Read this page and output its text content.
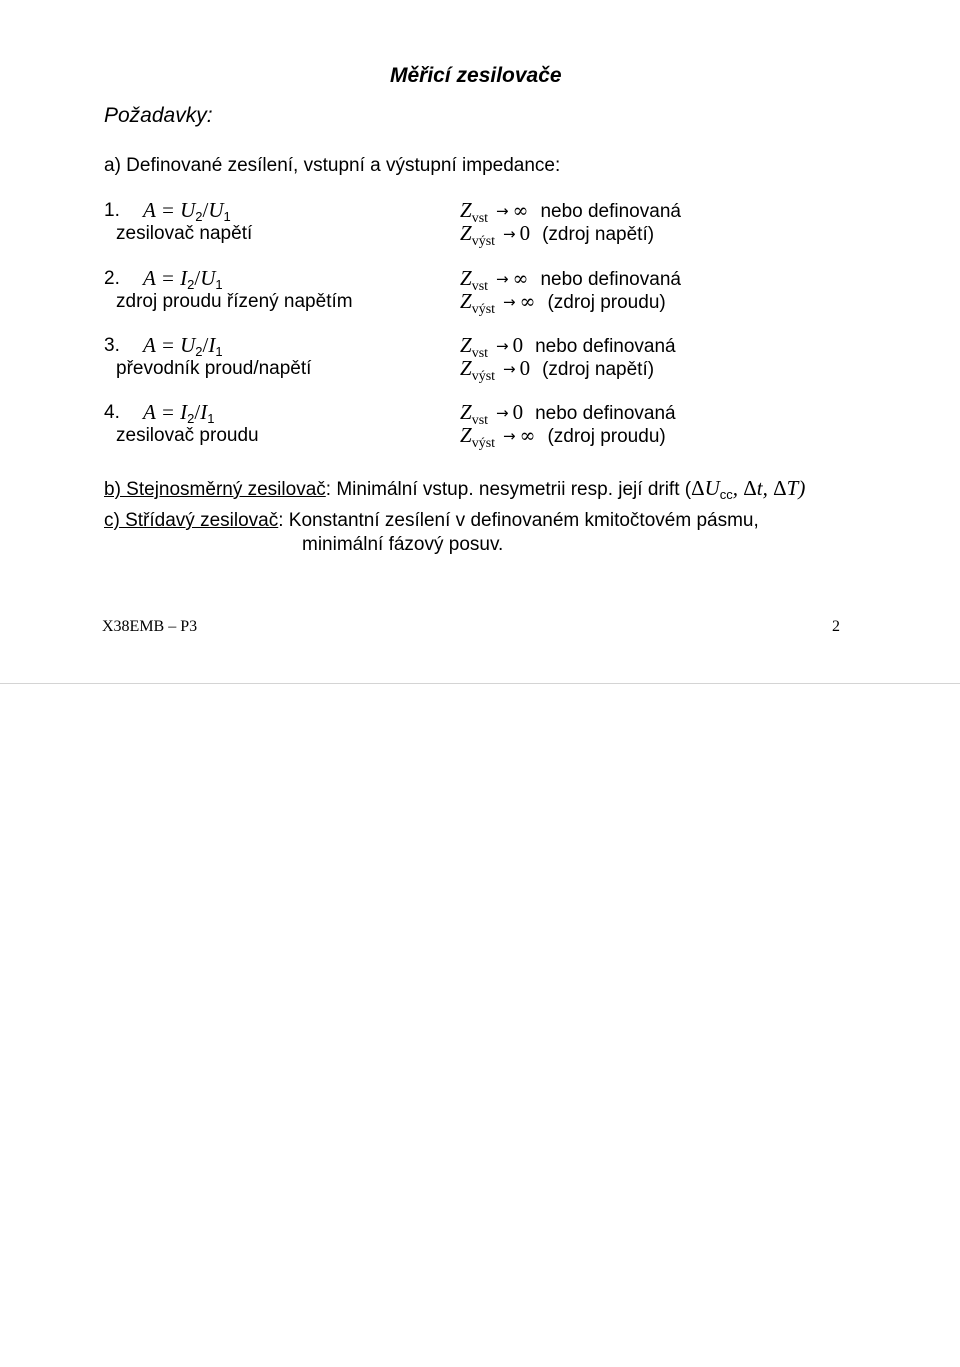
Měřicí zesilovače
Požadavky:
a) Definované zesílení, vstupní a výstupní impedance:
1. $A = U_2/U_1$
zesilovač napětí
Zvst  → ∞ nebo definovaná
Zvýst  → 0 (zdroj napětí)
2. $A = I_2/U_1$
zdroj proudu řízený napětím
Zvst  → ∞ nebo definovaná
Zvýst  → ∞ (zdroj proudu)
3. $A = U_2/I_1$
převodník proud/napětí
Zvst  → 0 nebo definovaná
Zvýst  → 0 (zdroj napětí)
4. $A = I_2/I_1$
zesilovač proudu
Zvst  → 0 nebo definovaná
Zvýst  → ∞ (zdroj proudu)
b) Stejnosměrný zesilovač: Minimální vstup. nesymetrii resp. její drift ($\Delta U_{cc}$, Δt, ΔT)
c) Střídavý zesilovač: Konstantní zesílení v definovaném kmitočtovém pásmu,
minimální fázový posuv.
X38EMB – P3	2
